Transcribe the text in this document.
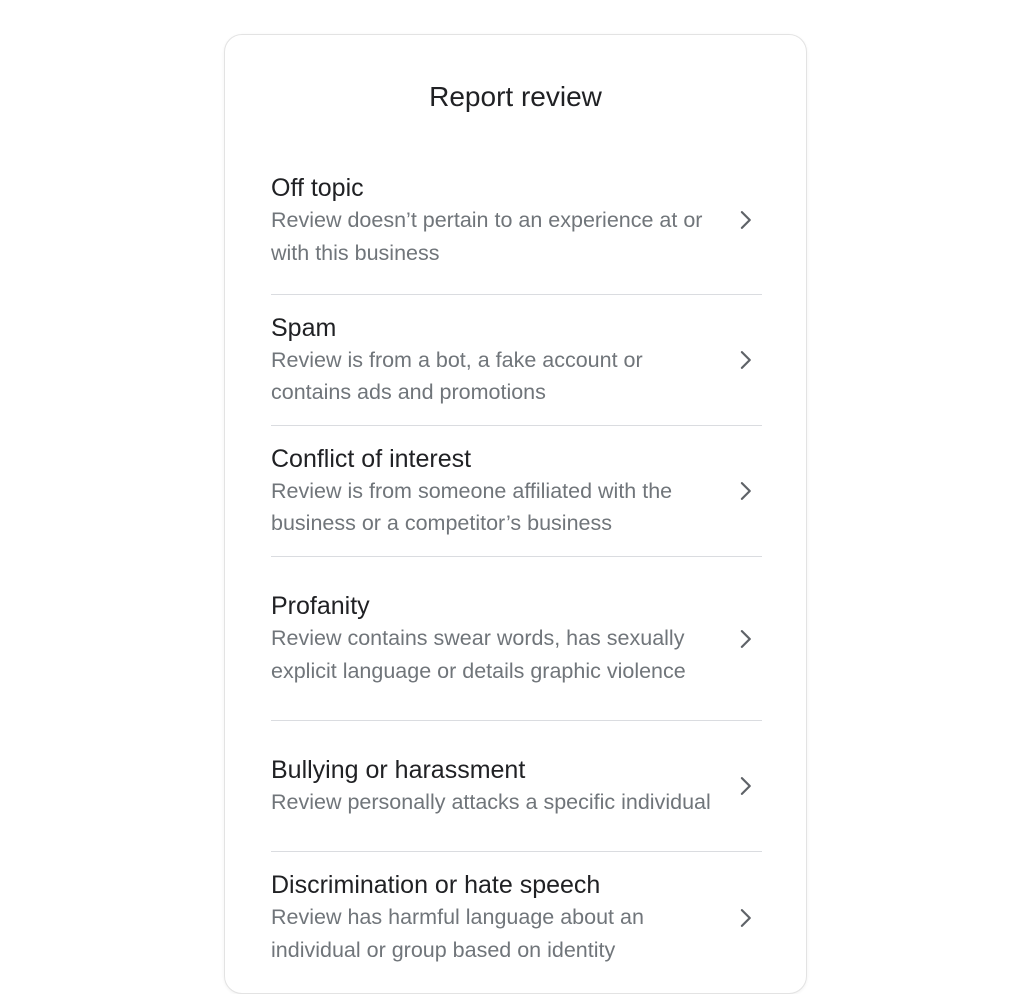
Report review
Off topic
Review doesn’t pertain to an experience at or with this business
Spam
Review is from a bot, a fake account or contains ads and promotions
Conflict of interest
Review is from someone affiliated with the business or a competitor’s business
Profanity
Review contains swear words, has sexually explicit language or details graphic violence
Bullying or harassment
Review personally attacks a specific individual
Discrimination or hate speech
Review has harmful language about an individual or group based on identity
